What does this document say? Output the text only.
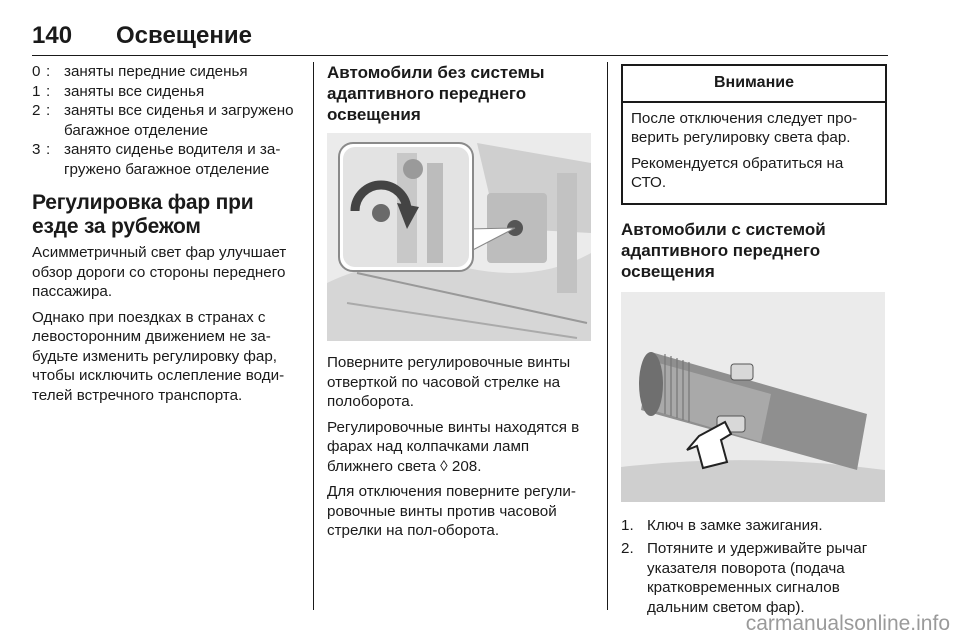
140 Освещение
0 : заняты передние сиденья
1 : заняты все сиденья
2 : заняты все сиденья и загружено багажное отделение
3 : занято сиденье водителя и загружено багажное отделение
Регулировка фар при езде за рубежом

Асимметричный свет фар улучшает обзор дороги со стороны переднего пассажира.

Однако при поездках в странах с левосторонним движением не забудьте изменить регулировку фар, чтобы исключить ослепление водителей встречного транспорта.

Автомобили без системы адаптивного переднего освещения

Поверните регулировочные винты отверткой по часовой стрелке на полоборота.

Регулировочные винты находятся в фарах над колпачками ламп ближнего света ◊ 208.

Для отключения поверните регулировочные винты против часовой стрелки на пол-оборота.

Внимание

После отключения следует проверить регулировку света фар.

Рекомендуется обратиться на СТО.

Автомобили с системой адаптивного переднего освещения
1. Ключ в замке зажигания.
2. Потяните и удерживайте рычаг указателя поворота (подача кратковременных сигналов дальним светом фар).
carmanualsonline.info
